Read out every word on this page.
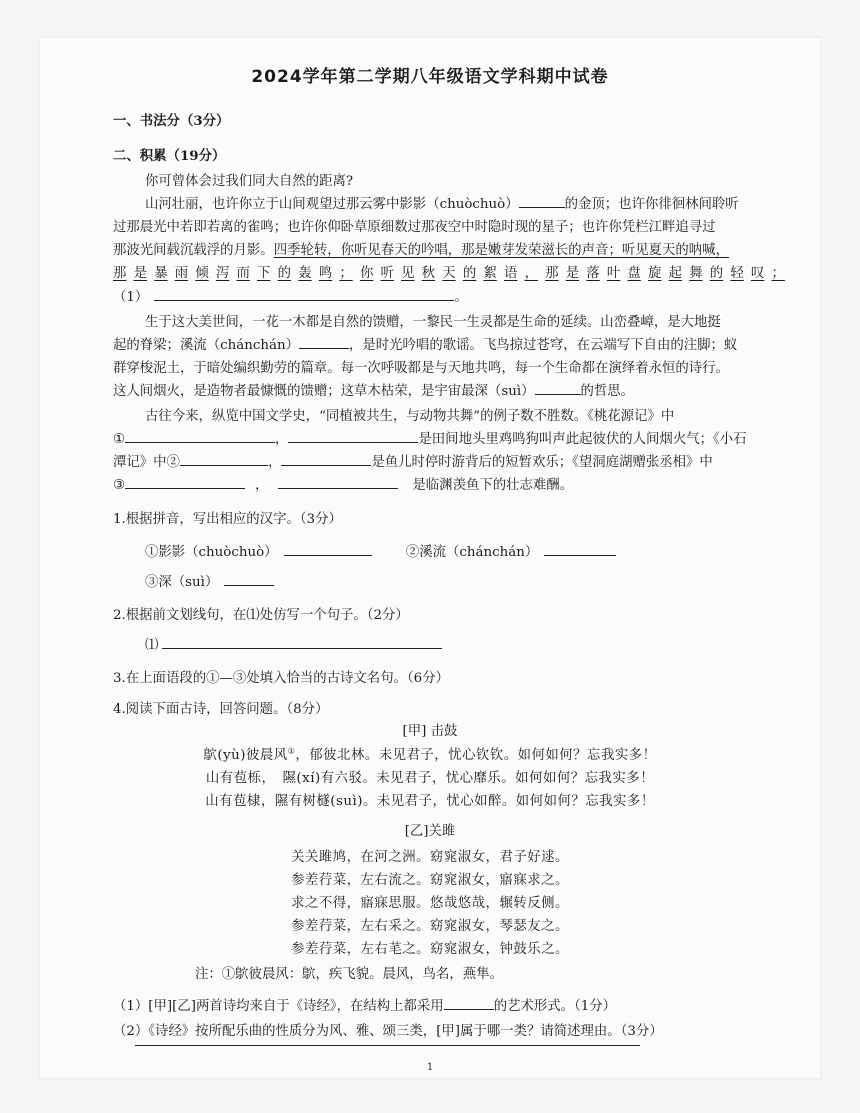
2024学年第二学期八年级语文学科期中试卷
一、书法分（3分）
二、积累（19分）
你可曾体会过我们同大自然的距离?
山河壮丽，也许你立于山间观望过那云雾中影影（chuòchuò）	的金顶；也许你徘徊林间聆听
过那晨光中若即若离的雀鸣；也许你仰卧草原细数过那夜空中时隐时现的星子；也许你凭栏江畔追寻过
那波光间载沉载浮的月影。四季轮转，你听见春天的吟唱，那是嫩芽发荣滋长的声音；听见夏天的呐喊，
那 是 暴 雨 倾 泻 而 下 的 轰 鸣 ； 你 听 见 秋 天 的 絮 语 ， 那 是 落 叶 盘 旋 起 舞 的 轻 叹 ；
（1）	。
生于这大美世间，一花一木都是自然的馈赠，一黎民一生灵都是生命的延续。山峦叠嶂，是大地挺
起的脊梁；溪流（chánchán）	，是时光吟唱的歌谣。飞鸟掠过苍穹，在云端写下自由的注脚；蚁
群穿梭泥土，于暗处编织勤劳的篇章。每一次呼吸都是与天地共鸣，每一个生命都在演绎着永恒的诗行。
这人间烟火，是造物者最慷慨的馈赠；这草木枯荣，是宇宙最深（suì）	的哲思。
古往今来，纵览中国文学史，“同植被共生，与动物共舞”的例子数不胜数。《桃花源记》中
①	，	是田间地头里鸡鸣狗叫声此起彼伏的人间烟火气；《小石
潭记》中②	，	是鱼儿时停时游背后的短暂欢乐；《望洞庭湖赠张丞相》中
③	，	是临渊羡鱼下的壮志难酬。
1.根据拼音，写出相应的汉字。（3分）
①影影（chuòchuò）	②溪流（chánchán）
③深（suì）
2.根据前文划线句，在⑴处仿写一个句子。（2分）
⑴
3.在上面语段的①—③处填入恰当的古诗文名句。（6分）
4.阅读下面古诗，回答问题。（8分）
[甲] 击鼓
鴥(yù)彼晨风①，郁彼北林。未见君子，忧心钦钦。如何如何？忘我实多！
山有苞栎，　隰(xí)有六驳。未见君子，忧心靡乐。如何如何？忘我实多！
山有苞棣，隰有树檖(suì)。未见君子，忧心如醉。如何如何？忘我实多！
[乙]关雎
关关雎鸠，在河之洲。窈窕淑女，君子好逑。
参差荇菜，左右流之。窈窕淑女，寤寐求之。
求之不得，寤寐思服。悠哉悠哉，辗转反侧。
参差荇菜，左右采之。窈窕淑女，琴瑟友之。
参差荇菜，左右芼之。窈窕淑女，钟鼓乐之。
注：①鴥彼晨风：鴥，疾飞貌。晨风，鸟名，燕隼。
（1）[甲][乙]两首诗均来自于《诗经》，在结构上都采用	的艺术形式。（1分）
（2）《诗经》按所配乐曲的性质分为风、雅、颂三类，[甲]属于哪一类？请简述理由。（3分）
1
